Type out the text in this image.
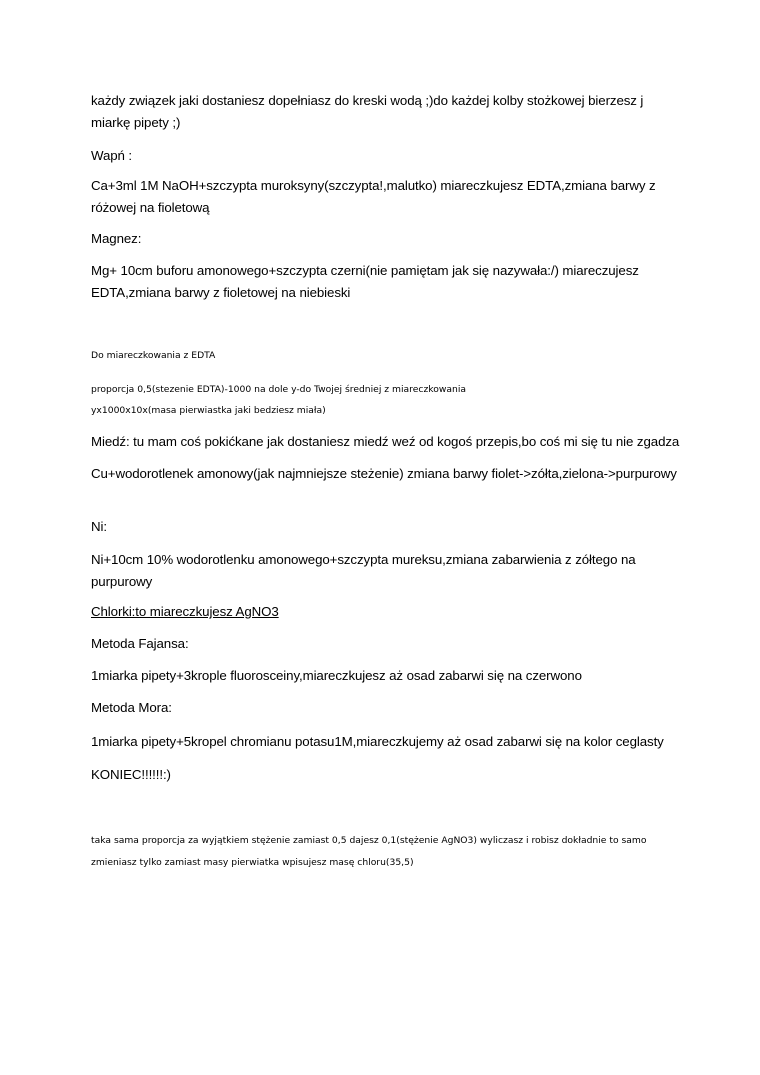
każdy związek jaki dostaniesz dopełniasz do kreski wodą ;)do każdej kolby stożkowej bierzesz j miarkę pipety ;)

Wapń :

Ca+3ml 1M NaOH+szczypta muroksyny(szczypta!,malutko) miareczkujesz EDTA,zmiana barwy z różowej na fioletową

Magnez:

Mg+ 10cm buforu amonowego+szczypta czerni(nie pamiętam jak się nazywała:/) miareczujesz EDTA,zmiana barwy z fioletowej na niebieski

Do miareczkowania z EDTA

proporcja 0,5(stezenie EDTA)-1000 na dole y-do Twojej średniej z miareczkowania

yx1000x10x(masa pierwiastka jaki bedziesz miała)

Miedź: tu mam coś pokićkane jak dostaniesz miedź weź od kogoś przepis,bo coś mi się tu nie zgadza

Cu+wodorotlenek amonowy(jak najmniejsze steżenie) zmiana barwy fiolet->zółta,zielona->purpurowy

Ni:

Ni+10cm 10% wodorotlenku amonowego+szczypta mureksu,zmiana zabarwienia z zółtego na purpurowy

Chlorki:to miareczkujesz AgNO3

Metoda Fajansa:

1miarka pipety+3krople fluorosceiny,miareczkujesz aż osad zabarwi się na czerwono

Metoda Mora:

1miarka pipety+5kropel chromianu potasu1M,miareczkujemy aż osad zabarwi się na kolor ceglasty

KONIEC!!!!!!:)

taka sama proporcja za wyjątkiem stężenie zamiast 0,5 dajesz 0,1(stężenie AgNO3) wyliczasz i robisz dokładnie to samo

zmieniasz tylko zamiast masy pierwiatka wpisujesz masę chloru(35,5)
